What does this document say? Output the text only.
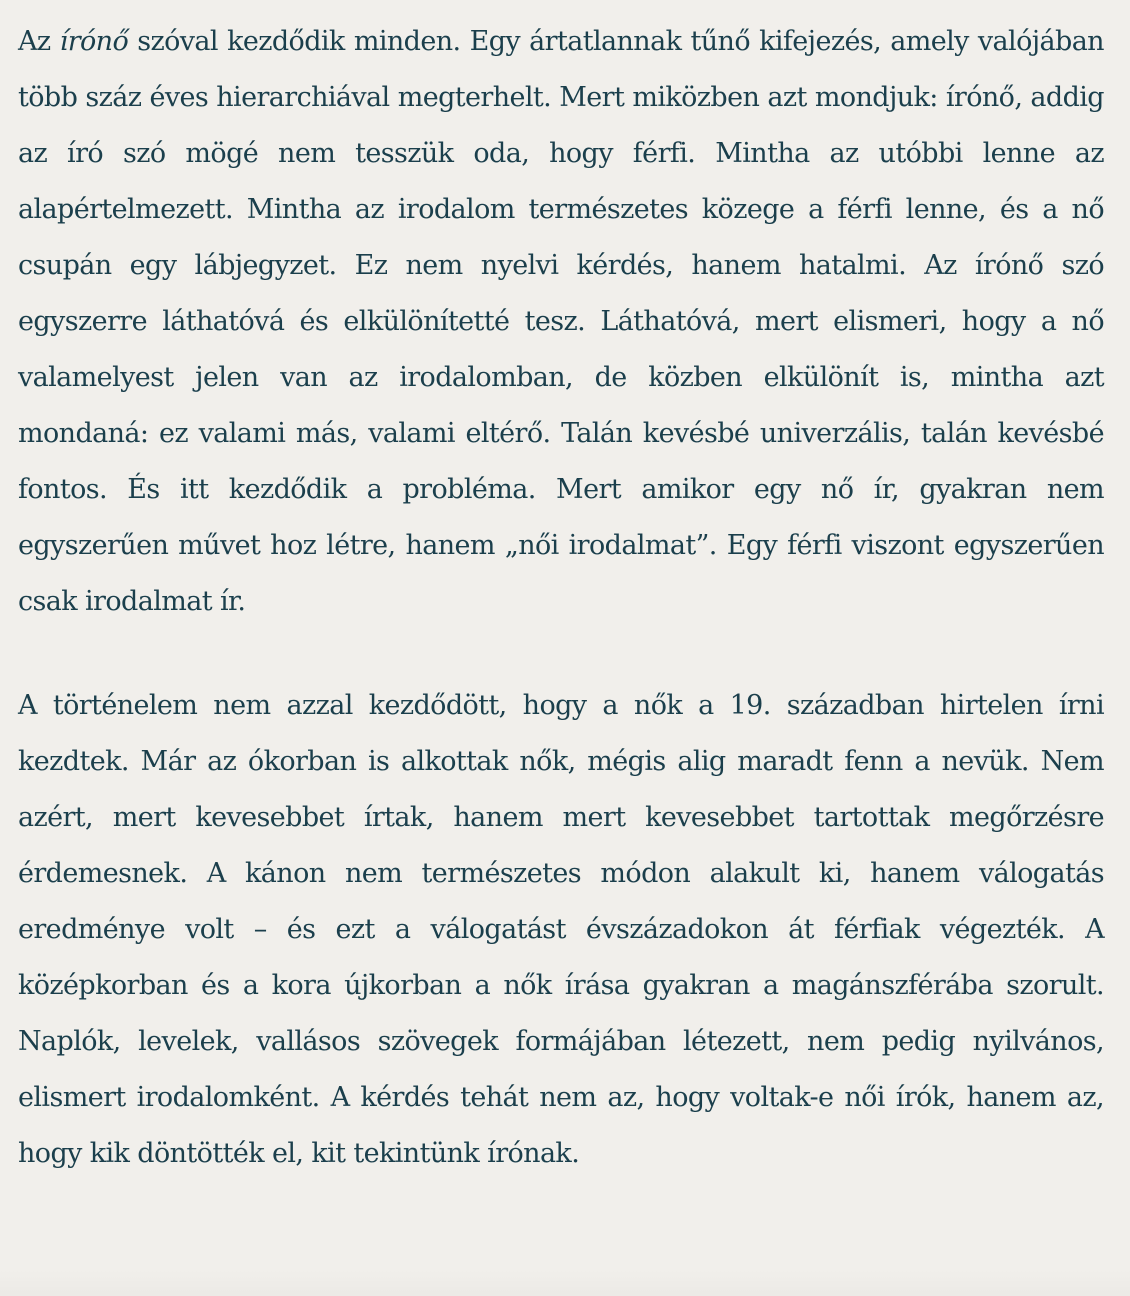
Az írónő szóval kezdődik minden. Egy ártatlannak tűnő kifejezés, amely valójában több száz éves hierarchiával megterhelt. Mert miközben azt mondjuk: írónő, addig az író szó mögé nem tesszük oda, hogy férfi. Mintha az utóbbi lenne az alapértelmezett. Mintha az irodalom természetes közege a férfi lenne, és a nő csupán egy lábjegyzet. Ez nem nyelvi kérdés, hanem hatalmi. Az írónő szó egyszerre láthatóvá és elkülönítetté tesz. Láthatóvá, mert elismeri, hogy a nő valamelyest jelen van az irodalomban, de közben elkülönít is, mintha azt mondaná: ez valami más, valami eltérő. Talán kevésbé univerzális, talán kevésbé fontos. És itt kezdődik a probléma. Mert amikor egy nő ír, gyakran nem egyszerűen művet hoz létre, hanem „női irodalmat”. Egy férfi viszont egyszerűen csak irodalmat ír.

A történelem nem azzal kezdődött, hogy a nők a 19. században hirtelen írni kezdtek. Már az ókorban is alkottak nők, mégis alig maradt fenn a nevük. Nem azért, mert kevesebbet írtak, hanem mert kevesebbet tartottak megőrzésre érdemesnek. A kánon nem természetes módon alakult ki, hanem válogatás eredménye volt – és ezt a válogatást évszázadokon át férfiak végezték. A középkorban és a kora újkorban a nők írása gyakran a magánszférába szorult. Naplók, levelek, vallásos szövegek formájában létezett, nem pedig nyilvános, elismert irodalomként. A kérdés tehát nem az, hogy voltak-e női írók, hanem az, hogy kik döntötték el, kit tekintünk írónak.
